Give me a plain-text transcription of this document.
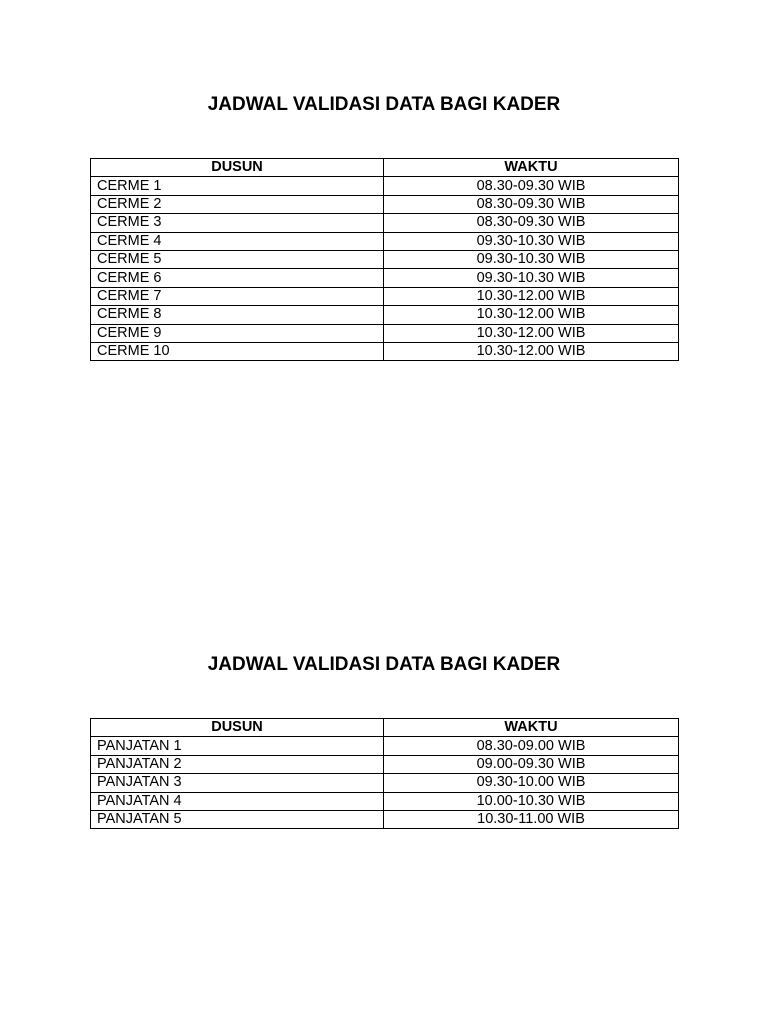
JADWAL VALIDASI DATA BAGI KADER
DUSUN	WAKTU
CERME 1	08.30-09.30 WIB
CERME 2	08.30-09.30 WIB
CERME 3	08.30-09.30 WIB
CERME 4	09.30-10.30 WIB
CERME 5	09.30-10.30 WIB
CERME 6	09.30-10.30 WIB
CERME 7	10.30-12.00 WIB
CERME 8	10.30-12.00 WIB
CERME 9	10.30-12.00 WIB
CERME 10	10.30-12.00 WIB
JADWAL VALIDASI DATA BAGI KADER
DUSUN	WAKTU
PANJATAN 1	08.30-09.00 WIB
PANJATAN 2	09.00-09.30 WIB
PANJATAN 3	09.30-10.00 WIB
PANJATAN 4	10.00-10.30 WIB
PANJATAN 5	10.30-11.00 WIB
